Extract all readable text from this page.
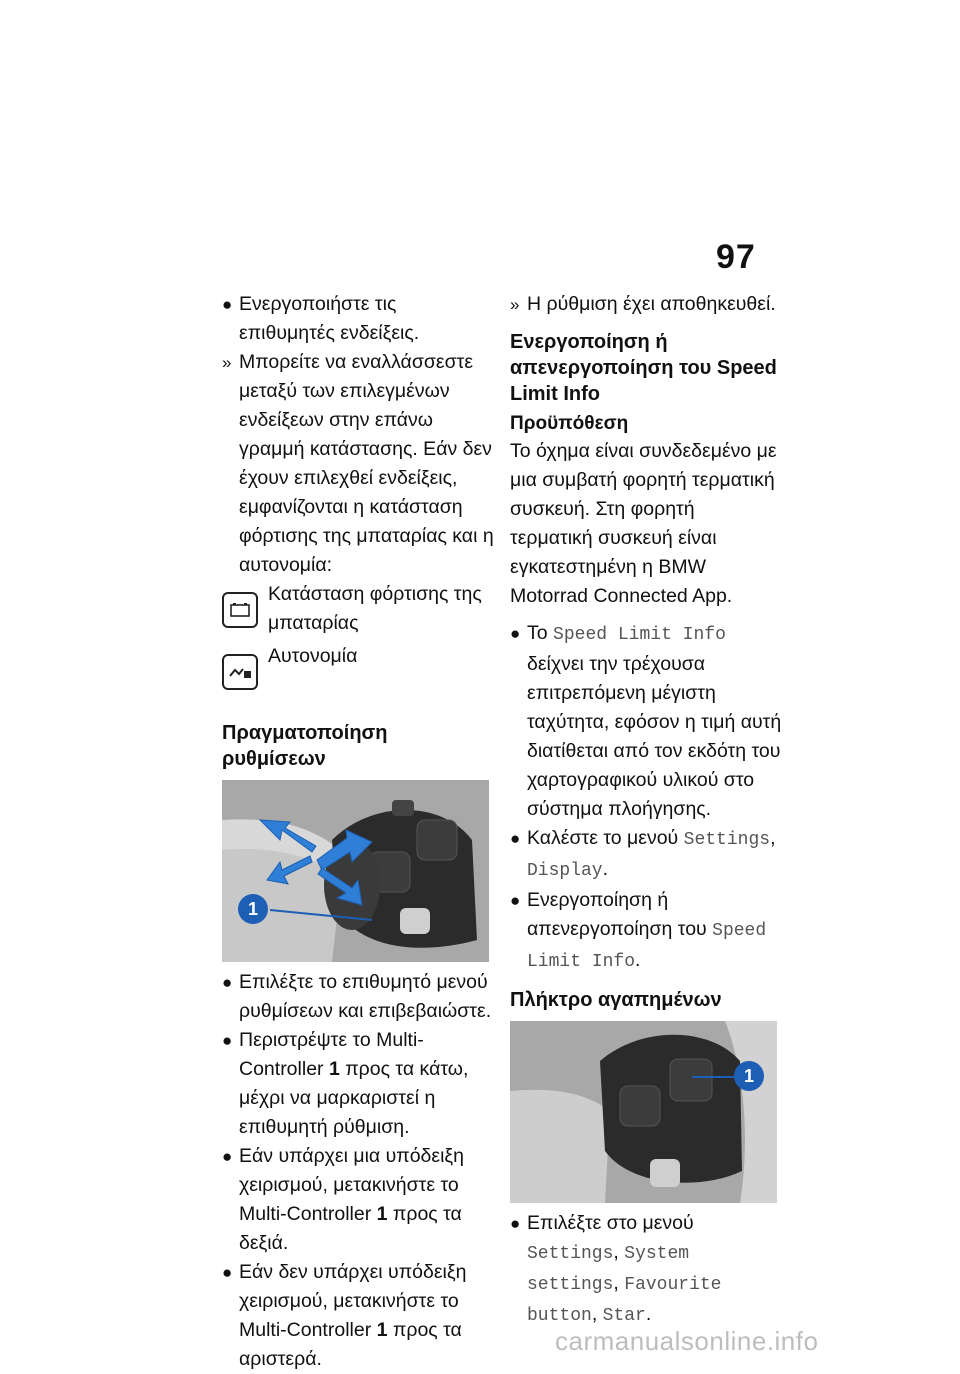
97
● Ενεργοποιήστε τις επιθυμητές ενδείξεις.
» Μπορείτε να εναλλάσσεστε μεταξύ των επιλεγμένων ενδείξεων στην επάνω γραμμή κατάστασης. Εάν δεν έχουν επιλεχθεί ενδείξεις, εμφανίζονται η κατάσταση φόρτισης της μπαταρίας και η αυτονομία:
Κατάσταση φόρτισης της μπαταρίας
Αυτονομία
Πραγματοποίηση ρυθμίσεων
1
● Επιλέξτε το επιθυμητό μενού ρυθμίσεων και επιβεβαιώστε.
● Περιστρέψτε το Multi-Controller 1 προς τα κάτω, μέχρι να μαρκαριστεί η επιθυμητή ρύθμιση.
● Εάν υπάρχει μια υπόδειξη χειρισμού, μετακινήστε το Multi-Controller 1 προς τα δεξιά.
● Εάν δεν υπάρχει υπόδειξη χειρισμού, μετακινήστε το Multi-Controller 1 προς τα αριστερά.
» Η ρύθμιση έχει αποθηκευθεί.
Ενεργοποίηση ή απενεργοποίηση του Speed Limit Info
Προϋπόθεση

Το όχημα είναι συνδεδεμένο με μια συμβατή φορητή τερματική συσκευή. Στη φορητή τερματική συσκευή είναι εγκατεστημένη η BMW Motorrad Connected App.

● Το Speed Limit Info δείχνει την τρέχουσα επιτρεπόμενη μέγιστη ταχύτητα, εφόσον η τιμή αυτή διατίθεται από τον εκδότη του χαρτογραφικού υλικού στο σύστημα πλοήγησης.
● Καλέστε το μενού Settings, Display.
● Ενεργοποίηση ή απενεργοποίηση του Speed Limit Info.
Πλήκτρο αγαπημένων
1
● Επιλέξτε στο μενού Settings, System settings, Favourite button, Star.
carmanualsonline.info
